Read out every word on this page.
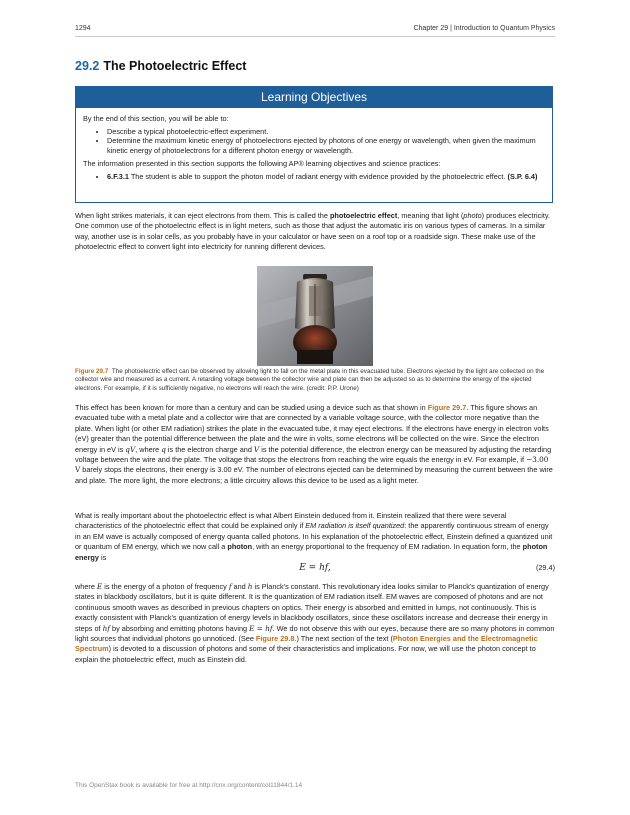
1294	Chapter 29 | Introduction to Quantum Physics
29.2 The Photoelectric Effect
Learning Objectives

By the end of this section, you will be able to:

• Describe a typical photoelectric-effect experiment.
• Determine the maximum kinetic energy of photoelectrons ejected by photons of one energy or wavelength, when given the maximum kinetic energy of photoelectrons for a different photon energy or wavelength.

The information presented in this section supports the following AP® learning objectives and science practices:

• 6.F.3.1 The student is able to support the photon model of radiant energy with evidence provided by the photoelectric effect. (S.P. 6.4)

When light strikes materials, it can eject electrons from them. This is called the photoelectric effect, meaning that light (photo) produces electricity. One common use of the photoelectric effect is in light meters, such as those that adjust the automatic iris on various types of cameras. In a similar way, another use is in solar cells, as you probably have in your calculator or have seen on a roof top or a roadside sign. These make use of the photoelectric effect to convert light into electricity for running different devices.

Figure 29.7 The photoelectric effect can be observed by allowing light to fall on the metal plate in this evacuated tube. Electrons ejected by the light are collected on the collector wire and measured as a current. A retarding voltage between the collector wire and plate can then be adjusted so as to determine the energy of the ejected electrons. For example, if it is sufficiently negative, no electrons will reach the wire. (credit: P.P. Urone)

This effect has been known for more than a century and can be studied using a device such as that shown in Figure 29.7. This figure shows an evacuated tube with a metal plate and a collector wire that are connected by a variable voltage source, with the collector more negative than the plate. When light (or other EM radiation) strikes the plate in the evacuated tube, it may eject electrons. If the electrons have energy in electron volts (eV) greater than the potential difference between the plate and the wire in volts, some electrons will be collected on the wire. Since the electron energy in eV is qV, where q is the electron charge and V is the potential difference, the electron energy can be measured by adjusting the retarding voltage between the wire and the plate. The voltage that stops the electrons from reaching the wire equals the energy in eV. For example, if −3.00 V barely stops the electrons, their energy is 3.00 eV. The number of electrons ejected can be determined by measuring the current between the wire and plate. The more light, the more electrons; a little circuitry allows this device to be used as a light meter.

What is really important about the photoelectric effect is what Albert Einstein deduced from it. Einstein realized that there were several characteristics of the photoelectric effect that could be explained only if EM radiation is itself quantized: the apparently continuous stream of energy in an EM wave is actually composed of energy quanta called photons. In his explanation of the photoelectric effect, Einstein defined a quantized unit or quantum of EM energy, which we now call a photon, with an energy proportional to the frequency of EM radiation. In equation form, the photon energy is

E = hf,	(29.4)

where E is the energy of a photon of frequency f and h is Planck's constant. This revolutionary idea looks similar to Planck's quantization of energy states in blackbody oscillators, but it is quite different. It is the quantization of EM radiation itself. EM waves are composed of photons and are not continuous smooth waves as described in previous chapters on optics. Their energy is absorbed and emitted in lumps, not continuously. This is exactly consistent with Planck's quantization of energy levels in blackbody oscillators, since these oscillators increase and decrease their energy in steps of hf by absorbing and emitting photons having E = hf. We do not observe this with our eyes, because there are so many photons in common light sources that individual photons go unnoticed. (See Figure 29.8.) The next section of the text (Photon Energies and the Electromagnetic Spectrum) is devoted to a discussion of photons and some of their characteristics and implications. For now, we will use the photon concept to explain the photoelectric effect, much as Einstein did.

This OpenStax book is available for free at http://cnx.org/content/col11844/1.14
